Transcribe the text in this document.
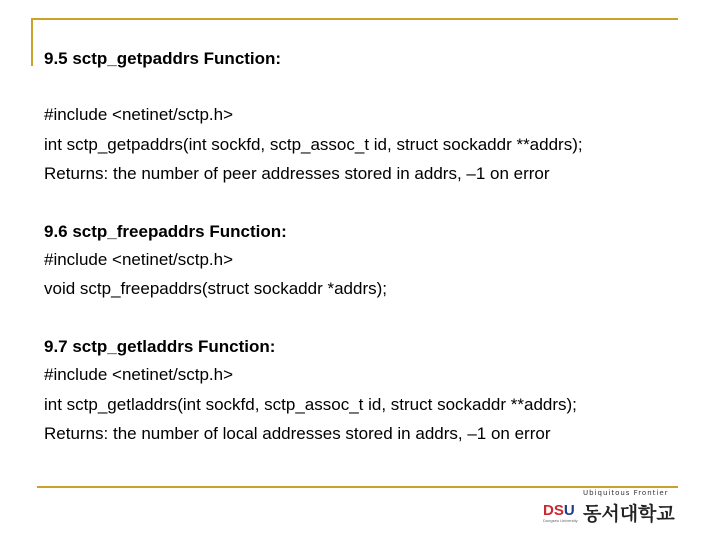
9.5 sctp_getpaddrs Function:
#include <netinet/sctp.h>
int sctp_getpaddrs(int sockfd, sctp_assoc_t id, struct sockaddr **addrs);
Returns: the number of peer addresses stored in addrs, –1 on error
9.6 sctp_freepaddrs Function:
#include <netinet/sctp.h>
void sctp_freepaddrs(struct sockaddr *addrs);
9.7 sctp_getladdrs Function:
#include <netinet/sctp.h>
int sctp_getladdrs(int sockfd, sctp_assoc_t id, struct sockaddr **addrs);
Returns: the number of local addresses stored in addrs, –1 on error
Ubiquitous Frontier
DSU
Dongseo University 동서대학교
